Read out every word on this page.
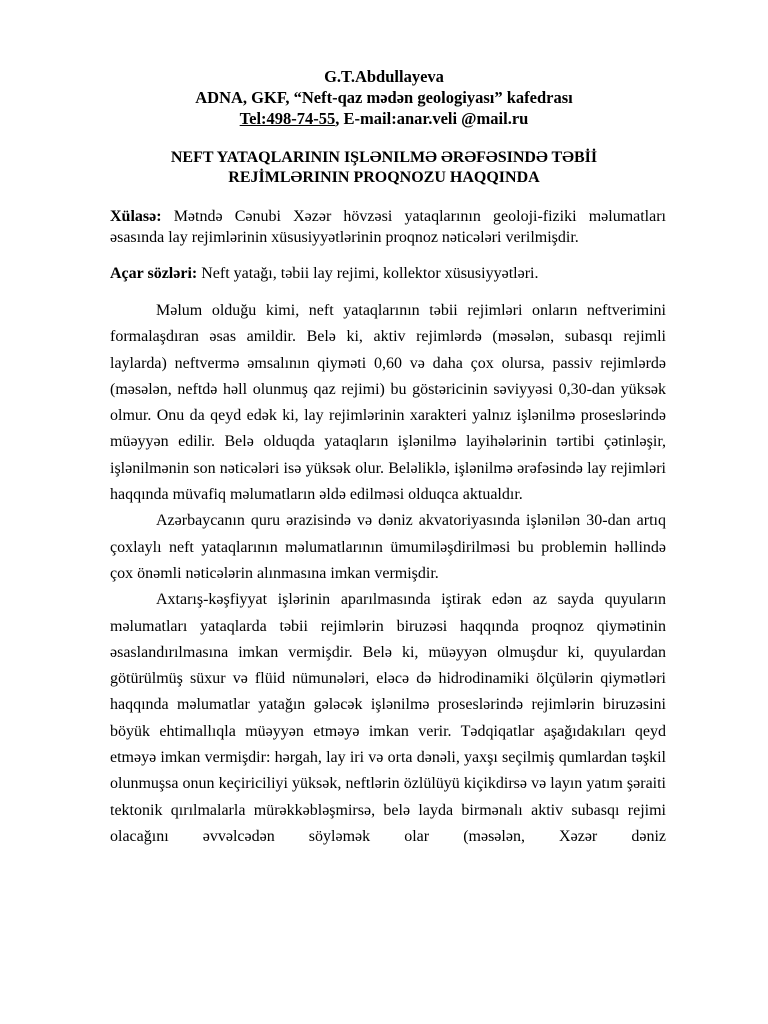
G.T.Abdullayeva
ADNA, GKF, “Neft-qaz mədən geologiyası” kafedrası
Tel:498-74-55, E-mail:anar.veli @mail.ru
NEFT YATAQLARININ IŞLƏNILMƏ ƏRƏFƏSINDƏ TƏBİİ
REJİMLƏRININ PROQNOZU HAQQINDA
Xülasə: Mətndə Cənubi Xəzər hövzəsi yataqlarının geoloji-fiziki məlumatları əsasında lay rejimlərinin xüsusiyyətlərinin proqnoz nəticələri verilmişdir.
Açar sözləri: Neft yatağı, təbii lay rejimi, kollektor xüsusiyyətləri.

Məlum olduğu kimi, neft yataqlarının təbii rejimləri onların neftverimini formalaşdıran əsas amildir. Belə ki, aktiv rejimlərdə (məsələn, subasqı rejimli laylarda) neftvermə əmsalının qiyməti 0,60 və daha çox olursa, passiv rejimlərdə (məsələn, neftdə həll olunmuş qaz rejimi) bu göstəricinin səviyyəsi 0,30-dan yüksək olmur. Onu da qeyd edək ki, lay rejimlərinin xarakteri yalnız işlənilmə proseslərində müəyyən edilir. Belə olduqda yataqların işlənilmə layihələrinin tərtibi çətinləşir, işlənilmənin son nəticələri isə yüksək olur. Beləliklə, işlənilmə ərəfəsində lay rejimləri haqqında müvafiq məlumatların əldə edilməsi olduqca aktualdır.

Azərbaycanın quru ərazisində və dəniz akvatoriyasında işlənilən 30-dan artıq çoxlaylı neft yataqlarının məlumatlarının ümumiləşdirilməsi bu problemin həllində çox önəmli nəticələrin alınmasına imkan vermişdir.

Axtarış-kəşfiyyat işlərinin aparılmasında iştirak edən az sayda quyuların məlumatları yataqlarda təbii rejimlərin biruzəsi haqqında proqnoz qiymətinin əsaslandırılmasına imkan vermişdir. Belə ki, müəyyən olmuşdur ki, quyulardan götürülmüş süxur və flüid nümunələri, eləcə də hidrodinamiki ölçülərin qiymətləri haqqında məlumatlar yatağın gələcək işlənilmə proseslərində rejimlərin biruzəsini böyük ehtimallıqla müəyyən etməyə imkan verir. Tədqiqatlar aşağıdakıları qeyd etməyə imkan vermişdir: hərgah, lay iri və orta dənəli, yaxşı seçilmiş qumlardan təşkil olunmuşsa onun keçiriciliyi yüksək, neftlərin özlülüyü kiçikdirsə və layın yatım şəraiti tektonik qırılmalarla mürəkkəbləşmirsə, belə layda birmənalı aktiv subasqı rejimi olacağını əvvəlcədən söyləmək olar (məsələn, Xəzər dəniz
